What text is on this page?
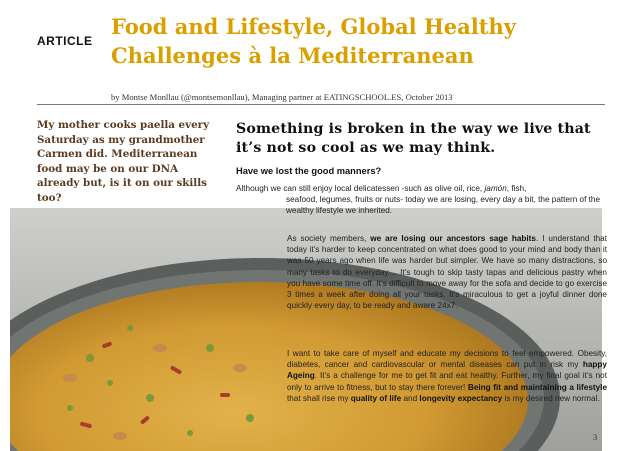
ARTICLE
Food and Lifestyle, Global Healthy Challenges à la Mediterranean
by Montse Monllau (@montsemonllau), Managing partner at EATINGSCHOOL.ES, October 2013
My mother cooks paella every Saturday as my grandmother Carmen did. Mediterranean food may be on our DNA already but, is it on our skills too?
Something is broken in the way we live that it’s not so cool as we may think.
Have we lost the good manners?
Although we can still enjoy local delicatessen -such as olive oil, rice, jamón, fish,
seafood, legumes, fruits or nuts- today we are losing, every day a bit, the pattern of the wealthy lifestyle we inherited.
As society members, we are losing our ancestors sage habits. I understand that today it’s harder to keep concentrated on what does good to your mind and body than it was 50 years ago when life was harder but simpler. We have so many distractions, so many tasks to do everyday… It’s tough to skip tasty tapas and delicious pastry when you have some time off. It’s difficult to move away for the sofa and decide to go exercise 3 times a week after doing all your tasks. It’s miraculous to get a joyful dinner done quickly every day, to be ready and aware 24x7.
I want to take care of myself and educate my decisions to feel empowered. Obesity, diabetes, cancer and cardiovascular or mental diseases can put in risk my happy Ageing. It’s a challenge for me to get fit and eat healthy. Further, my final goal it’s not only to arrive to fitness, but to stay there forever! Being fit and maintaining a lifestyle that shall rise my quality of life and longevity expectancy is my desired new normal.
3
